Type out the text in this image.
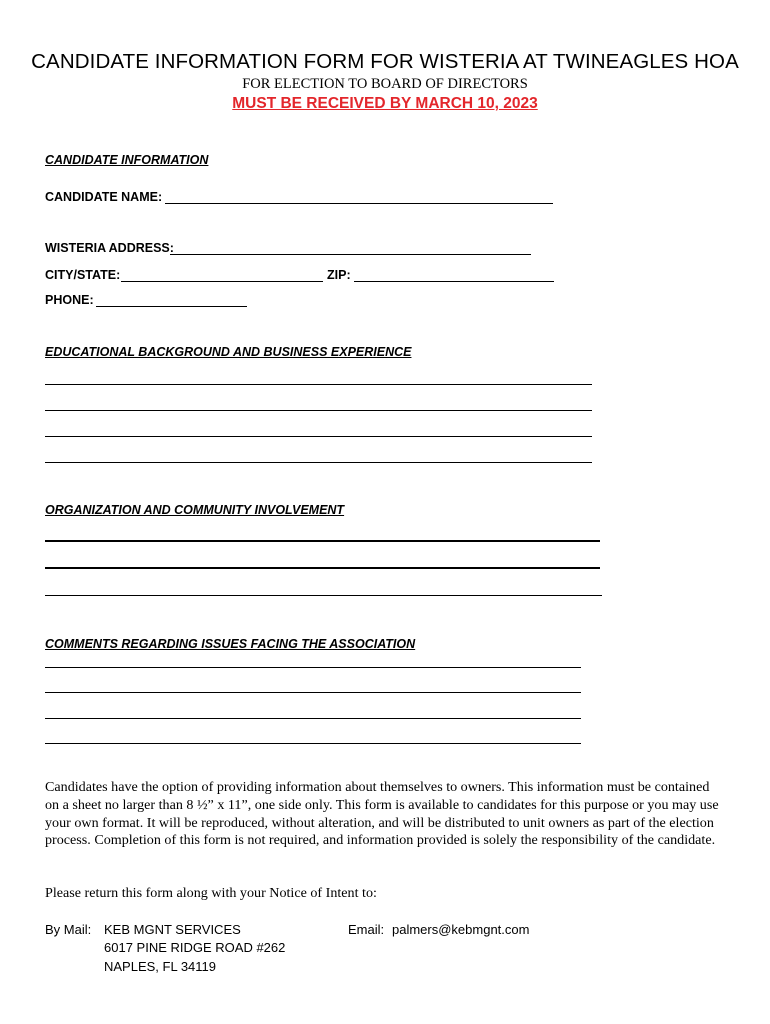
CANDIDATE INFORMATION FORM FOR WISTERIA AT TWINEAGLES HOA
FOR ELECTION TO BOARD OF DIRECTORS
MUST BE RECEIVED BY MARCH 10, 2023
CANDIDATE INFORMATION
CANDIDATE NAME:
WISTERIA ADDRESS:
CITY/STATE:	ZIP:
PHONE:
EDUCATIONAL BACKGROUND AND BUSINESS EXPERIENCE
ORGANIZATION AND COMMUNITY INVOLVEMENT
COMMENTS REGARDING ISSUES FACING THE ASSOCIATION
Candidates have the option of providing information about themselves to owners. This information must be contained on a sheet no larger than 8 ½” x 11”, one side only. This form is available to candidates for this purpose or you may use your own format. It will be reproduced, without alteration, and will be distributed to unit owners as part of the election process. Completion of this form is not required, and information provided is solely the responsibility of the candidate.
Please return this form along with your Notice of Intent to:
By Mail: KEB MGNT SERVICES
6017 PINE RIDGE ROAD #262
NAPLES, FL 34119
Email: palmers@kebmgnt.com
